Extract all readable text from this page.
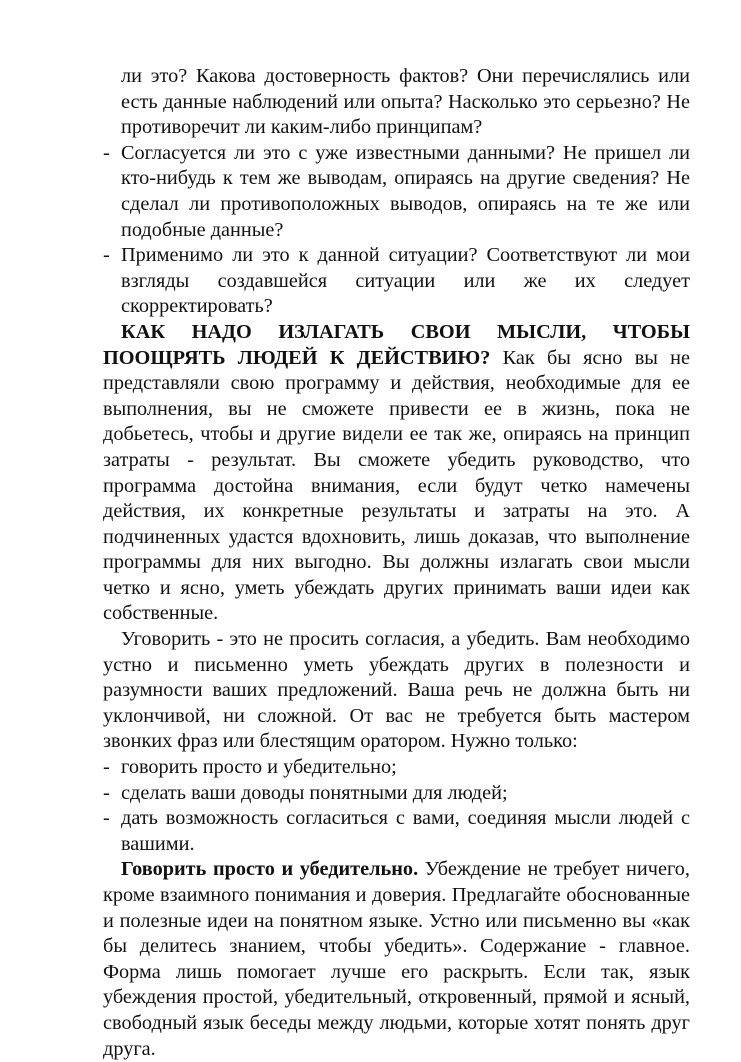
ли это? Какова достоверность фактов? Они перечислялись или есть данные наблюдений или опыта? Насколько это серьезно? Не противоречит ли каким-либо принципам?

- Согласуется ли это с уже известными данными? Не пришел ли кто-нибудь к тем же выводам, опираясь на другие сведения? Не сделал ли противоположных выводов, опираясь на те же или подобные данные?
- Применимо ли это к данной ситуации? Соответствуют ли мои взгляды создавшейся ситуации или же их следует скорректировать?

КАК НАДО ИЗЛАГАТЬ СВОИ МЫСЛИ, ЧТОБЫ ПООЩРЯТЬ ЛЮДЕЙ К ДЕЙСТВИЮ? Как бы ясно вы не представляли свою программу и действия, необходимые для ее выполнения, вы не сможете привести ее в жизнь, пока не добьетесь, чтобы и другие видели ее так же, опираясь на принцип затраты - результат. Вы сможете убедить руководство, что программа достойна внимания, если будут четко намечены действия, их конкретные результаты и затраты на это. А подчиненных удастся вдохновить, лишь доказав, что выполнение программы для них выгодно. Вы должны излагать свои мысли четко и ясно, уметь убеждать других принимать ваши идеи как собственные.

Уговорить - это не просить согласия, а убедить. Вам необходимо устно и письменно уметь убеждать других в полезности и разумности ваших предложений. Ваша речь не должна быть ни уклончивой, ни сложной. От вас не требуется быть мастером звонких фраз или блестящим оратором. Нужно только:

- говорить просто и убедительно;
- сделать ваши доводы понятными для людей;
- дать возможность согласиться с вами, соединяя мысли людей с вашими.

Говорить просто и убедительно. Убеждение не требует ничего, кроме взаимного понимания и доверия. Предлагайте обоснованные и полезные идеи на понятном языке. Устно или письменно вы «как бы делитесь знанием, чтобы убедить». Содержание - главное. Форма лишь помогает лучше его раскрыть. Если так, язык убеждения простой, убедительный, откровенный, прямой и ясный, свободный язык беседы между людьми, которые хотят понять друг друга.
